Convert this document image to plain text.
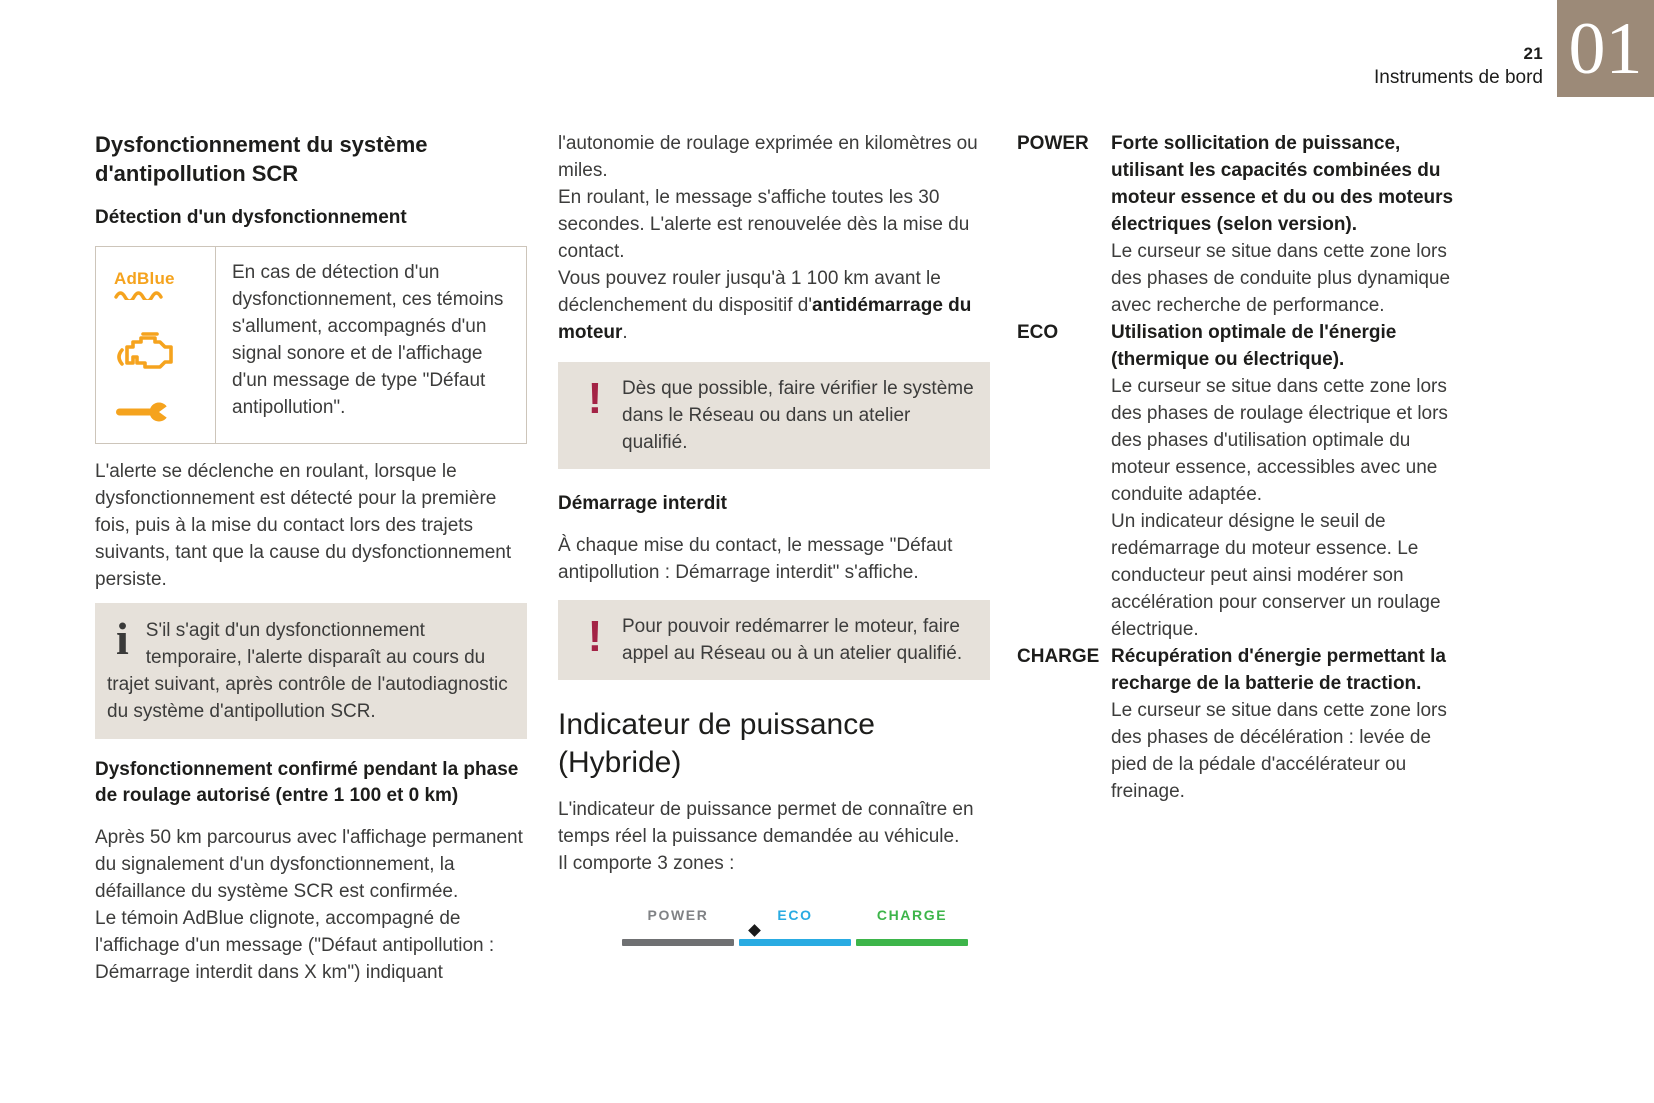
01
21
Instruments de bord
Dysfonctionnement du système d'antipollution SCR
Détection d'un dysfonctionnement
AdBlue	En cas de détection d'un dysfonctionnement, ces témoins s'allument, accompagnés d'un signal sonore et de l'affichage d'un message de type "Défaut antipollution".
L'alerte se déclenche en roulant, lorsque le dysfonctionnement est détecté pour la première fois, puis à la mise du contact lors des trajets suivants, tant que la cause du dysfonctionnement persiste.
i S'il s'agit d'un dysfonctionnement temporaire, l'alerte disparaît au cours du trajet suivant, après contrôle de l'autodiagnostic du système d'antipollution SCR.
Dysfonctionnement confirmé pendant la phase de roulage autorisé (entre 1 100 et 0 km)
Après 50 km parcourus avec l'affichage permanent du signalement d'un dysfonctionnement, la défaillance du système SCR est confirmée.
Le témoin AdBlue clignote, accompagné de l'affichage d'un message ("Défaut antipollution : Démarrage interdit dans X km") indiquant
l'autonomie de roulage exprimée en kilomètres ou miles.
En roulant, le message s'affiche toutes les 30 secondes. L'alerte est renouvelée dès la mise du contact.
Vous pouvez rouler jusqu'à 1 100 km avant le déclenchement du dispositif d'antidémarrage du moteur.
!	Dès que possible, faire vérifier le système dans le Réseau ou dans un atelier qualifié.
Démarrage interdit
À chaque mise du contact, le message "Défaut antipollution : Démarrage interdit" s'affiche.
!	Pour pouvoir redémarrer le moteur, faire appel au Réseau ou à un atelier qualifié.
Indicateur de puissance (Hybride)
L'indicateur de puissance permet de connaître en temps réel la puissance demandée au véhicule.
Il comporte 3 zones :
POWER	ECO	CHARGE
POWER	Forte sollicitation de puissance, utilisant les capacités combinées du moteur essence et du ou des moteurs électriques (selon version).
Le curseur se situe dans cette zone lors des phases de conduite plus dynamique avec recherche de performance.
ECO	Utilisation optimale de l'énergie (thermique ou électrique).
Le curseur se situe dans cette zone lors des phases de roulage électrique et lors des phases d'utilisation optimale du moteur essence, accessibles avec une conduite adaptée.
Un indicateur désigne le seuil de redémarrage du moteur essence. Le conducteur peut ainsi modérer son accélération pour conserver un roulage électrique.
CHARGE Récupération d'énergie permettant la recharge de la batterie de traction.
Le curseur se situe dans cette zone lors des phases de décélération : levée de pied de la pédale d'accélérateur ou freinage.
